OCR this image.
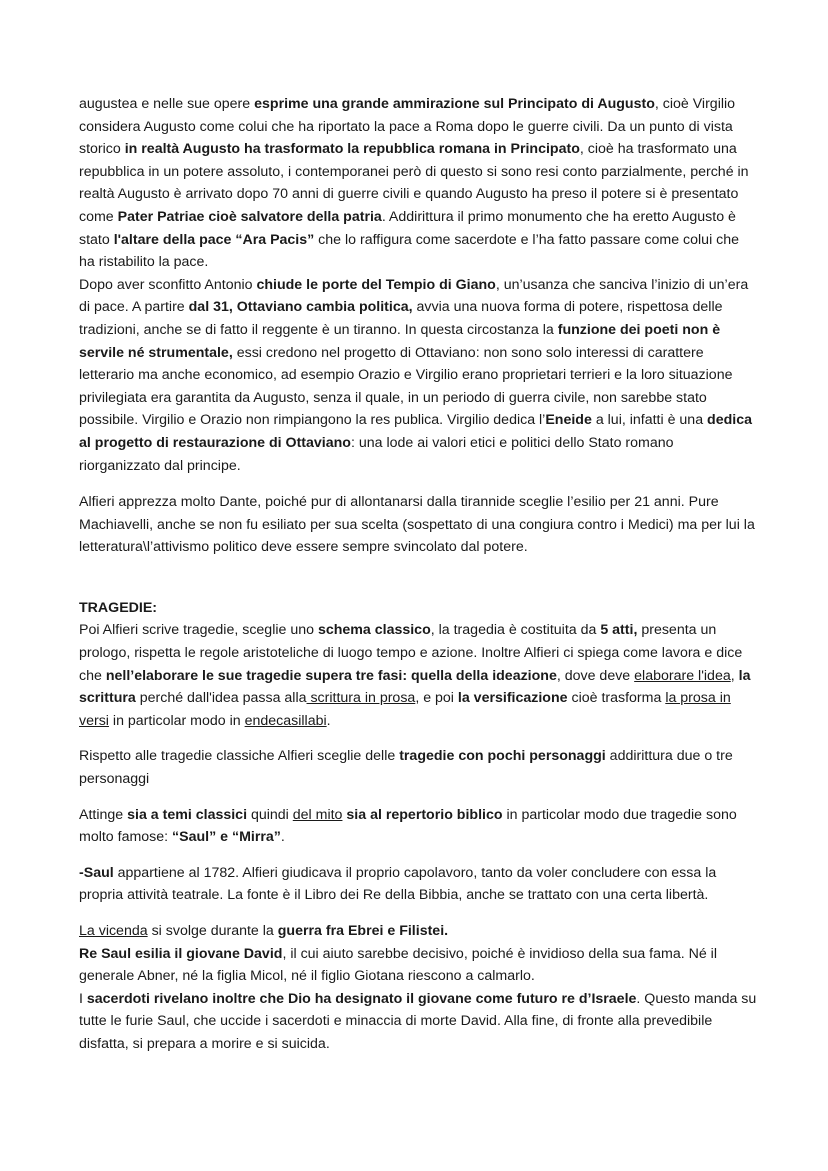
augustea e nelle sue opere esprime una grande ammirazione sul Principato di Augusto, cioè Virgilio considera Augusto come colui che ha riportato la pace a Roma dopo le guerre civili. Da un punto di vista storico in realtà Augusto ha trasformato la repubblica romana in Principato, cioè ha trasformato una repubblica in un potere assoluto, i contemporanei però di questo si sono resi conto parzialmente, perché in realtà Augusto è arrivato dopo 70 anni di guerre civili e quando Augusto ha preso il potere si è presentato come Pater Patriae cioè salvatore della patria. Addirittura il primo monumento che ha eretto Augusto è stato l'altare della pace “Ara Pacis” che lo raffigura come sacerdote e l’ha fatto passare come colui che ha ristabilito la pace.

Dopo aver sconfitto Antonio chiude le porte del Tempio di Giano, un’usanza che sanciva l’inizio di un’era di pace. A partire dal 31, Ottaviano cambia politica, avvia una nuova forma di potere, rispettosa delle tradizioni, anche se di fatto il reggente è un tiranno. In questa circostanza la funzione dei poeti non è servile né strumentale, essi credono nel progetto di Ottaviano: non sono solo interessi di carattere letterario ma anche economico, ad esempio Orazio e Virgilio erano proprietari terrieri e la loro situazione privilegiata era garantita da Augusto, senza il quale, in un periodo di guerra civile, non sarebbe stato possibile. Virgilio e Orazio non rimpiangono la res publica. Virgilio dedica l’Eneide a lui, infatti è una dedica al progetto di restaurazione di Ottaviano: una lode ai valori etici e politici dello Stato romano riorganizzato dal principe.

Alfieri apprezza molto Dante, poiché pur di allontanarsi dalla tirannide sceglie l’esilio per 21 anni. Pure Machiavelli, anche se non fu esiliato per sua scelta (sospettato di una congiura contro i Medici) ma per lui la letteratura\l’attivismo politico deve essere sempre svincolato dal potere.

TRAGEDIE:

Poi Alfieri scrive tragedie, sceglie uno schema classico, la tragedia è costituita da 5 atti, presenta un prologo, rispetta le regole aristoteliche di luogo tempo e azione. Inoltre Alfieri ci spiega come lavora e dice che nell’elaborare le sue tragedie supera tre fasi: quella della ideazione, dove deve elaborare l'idea, la scrittura perché dall'idea passa alla scrittura in prosa, e poi la versificazione cioè trasforma la prosa in versi in particolar modo in endecasillabi.

Rispetto alle tragedie classiche Alfieri sceglie delle tragedie con pochi personaggi addirittura due o tre personaggi

Attinge sia a temi classici quindi del mito sia al repertorio biblico in particolar modo due tragedie sono molto famose: “Saul” e “Mirra”.

-Saul appartiene al 1782. Alfieri giudicava il proprio capolavoro, tanto da voler concludere con essa la propria attività teatrale. La fonte è il Libro dei Re della Bibbia, anche se trattato con una certa libertà.

La vicenda si svolge durante la guerra fra Ebrei e Filistei.

Re Saul esilia il giovane David, il cui aiuto sarebbe decisivo, poiché è invidioso della sua fama. Né il generale Abner, né la figlia Micol, né il figlio Giotana riescono a calmarlo.

I sacerdoti rivelano inoltre che Dio ha designato il giovane come futuro re d’Israele. Questo manda su tutte le furie Saul, che uccide i sacerdoti e minaccia di morte David. Alla fine, di fronte alla prevedibile disfatta, si prepara a morire e si suicida.
